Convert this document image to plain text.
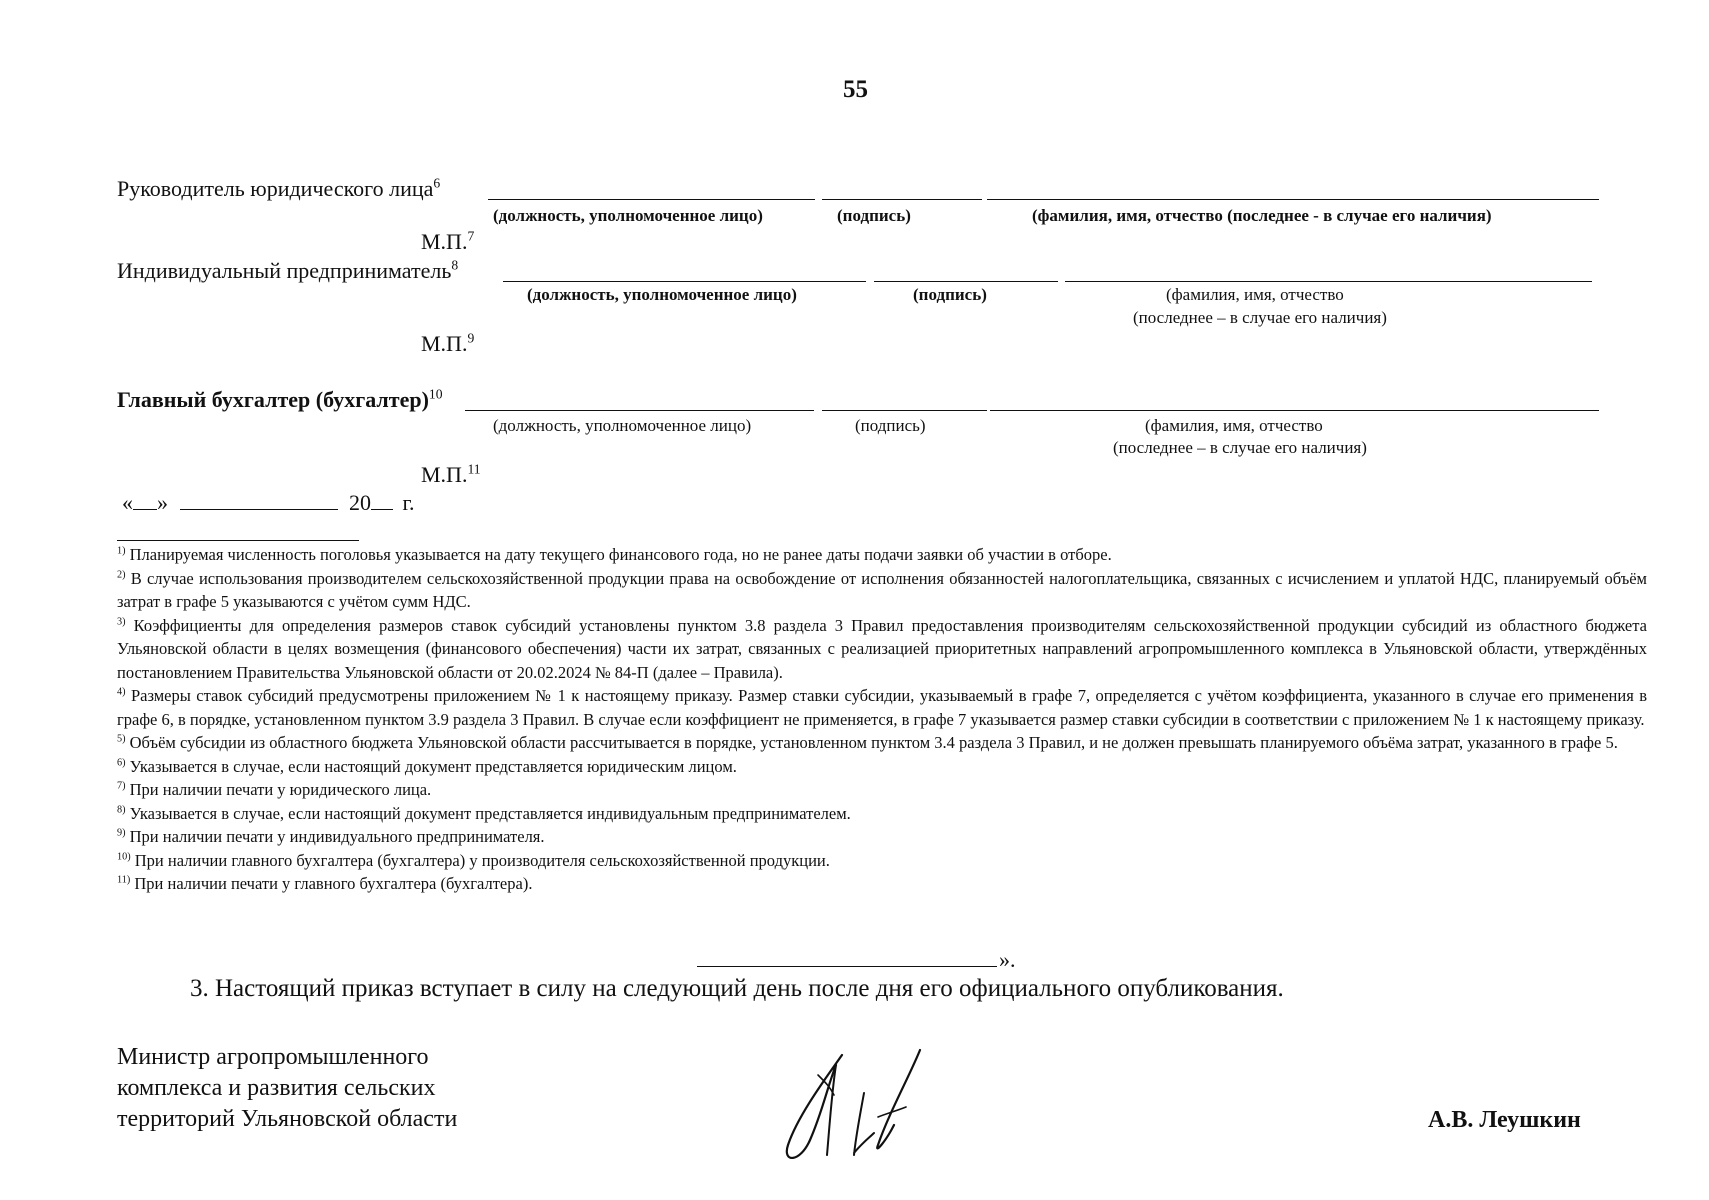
55
Руководитель юридического лица$^6$
(должность, уполномоченное лицо)	(подпись)	(фамилия, имя, отчество (последнее - в случае его наличия)
М.П.$^7$
Индивидуальный предприниматель$^8$
(должность, уполномоченное лицо)	(подпись)	(фамилия, имя, отчество
(последнее – в случае его наличия)
М.П.$^9$
Главный бухгалтер (бухгалтер)$^{10}$
(должность, уполномоченное лицо)	(подпись)	(фамилия, имя, отчество
(последнее – в случае его наличия)
М.П.$^{11}$
« »	20 г.

$^{1)}$ Планируемая численность поголовья указывается на дату текущего финансового года, но не ранее даты подачи заявки об участии в отборе.

$^{2)}$ В случае использования производителем сельскохозяйственной продукции права на освобождение от исполнения обязанностей налогоплательщика, связанных с исчислением и уплатой НДС, планируемый объём затрат в графе 5 указываются с учётом сумм НДС.

$^{3)}$ Коэффициенты для определения размеров ставок субсидий установлены пунктом 3.8 раздела 3 Правил предоставления производителям сельскохозяйственной продукции субсидий из областного бюджета Ульяновской области в целях возмещения (финансового обеспечения) части их затрат, связанных с реализацией приоритетных направлений агропромышленного комплекса в Ульяновской области, утверждённых постановлением Правительства Ульяновской области от 20.02.2024 № 84-П (далее – Правила).

$^{4)}$ Размеры ставок субсидий предусмотрены приложением № 1 к настоящему приказу. Размер ставки субсидии, указываемый в графе 7, определяется с учётом коэффициента, указанного в случае его применения в графе 6, в порядке, установленном пунктом 3.9 раздела 3 Правил. В случае если коэффициент не применяется, в графе 7 указывается размер ставки субсидии в соответствии с приложением № 1 к настоящему приказу.

$^{5)}$ Объём субсидии из областного бюджета Ульяновской области рассчитывается в порядке, установленном пунктом 3.4 раздела 3 Правил, и не должен превышать планируемого объёма затрат, указанного в графе 5.

$^{6)}$ Указывается в случае, если настоящий документ представляется юридическим лицом.

$^{7)}$ При наличии печати у юридического лица.

$^{8)}$ Указывается в случае, если настоящий документ представляется индивидуальным предпринимателем.

$^{9)}$ При наличии печати у индивидуального предпринимателя.

$^{10)}$ При наличии главного бухгалтера (бухгалтера) у производителя сельскохозяйственной продукции.

$^{11)}$ При наличии печати у главного бухгалтера (бухгалтера).

».
3. Настоящий приказ вступает в силу на следующий день после дня его официального опубликования.
Министр агропромышленного
комплекса и развития сельских
территорий Ульяновской области	А.В. Леушкин
